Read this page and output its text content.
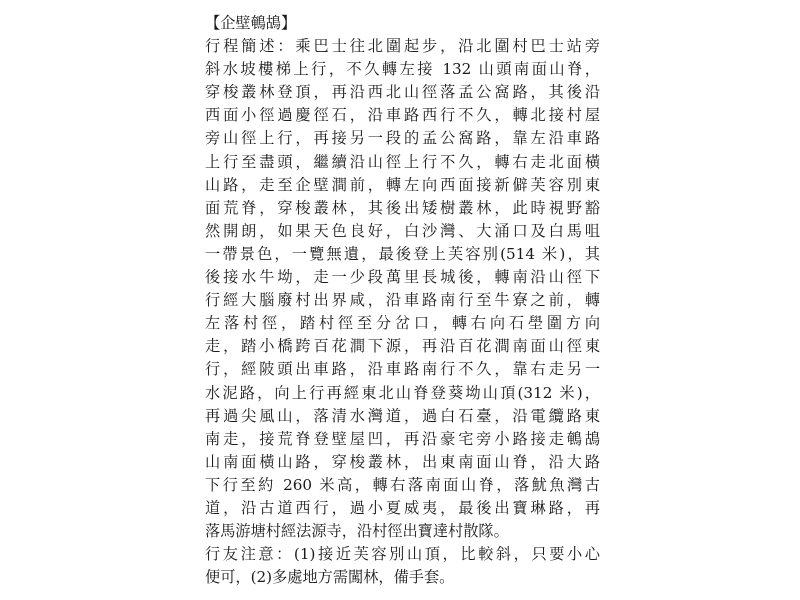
【企壁鵪鴣】
行程簡述：乘巴士往北圍起步，沿北圍村巴士站旁
斜水坡樓梯上行，不久轉左接 132 山頭南面山脊，
穿梭叢林登頂，再沿西北山徑落孟公窩路，其後沿
西面小徑過慶徑石，沿車路西行不久，轉北接村屋
旁山徑上行，再接另一段的孟公窩路，靠左沿車路
上行至盡頭，繼續沿山徑上行不久，轉右走北面橫
山路，走至企壁澗前，轉左向西面接新僻芙容別東
面荒脊，穿梭叢林，其後出矮樹叢林，此時視野豁
然開朗，如果天色良好，白沙灣、大涌口及白馬咀
一帶景色，一覽無遺，最後登上芙容別(514 米)，其
後接水牛坳，走一少段萬里長城後，轉南沿山徑下
行經大腦廢村出界咸，沿車路南行至牛寮之前，轉
左落村徑，踏村徑至分岔口，轉右向石壆圍方向
走，踏小橋跨百花澗下源，再沿百花澗南面山徑東
行，經陂頭出車路，沿車路南行不久，靠右走另一
水泥路，向上行再經東北山脊登葵坳山頂(312 米)，
再過尖風山，落清水灣道，過白石臺，沿電纜路東
南走，接荒脊登壁屋凹，再沿豪宅旁小路接走鵪鴣
山南面橫山路，穿梭叢林，出東南面山脊，沿大路
下行至約 260 米高，轉右落南面山脊，落魷魚灣古
道，沿古道西行，過小夏威夷，最後出寶琳路，再
落馬游塘村經法源寺，沿村徑出寶達村散隊。
行友注意：(1)接近芙容別山頂，比較斜，只要小心
便可，(2)多處地方需闖林，備手套。
